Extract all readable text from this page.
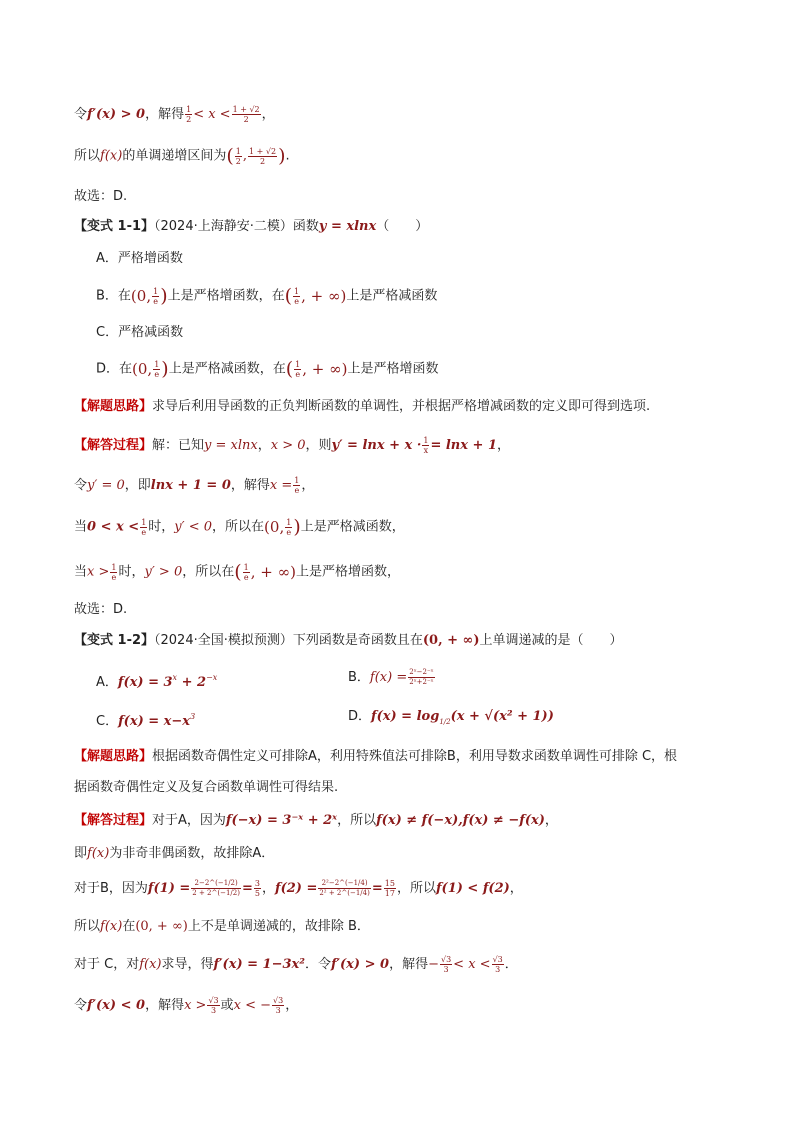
令f′(x) > 0，解得 $\frac{1}{2} < x < \frac{1 + √2}{2}$ ，
所以f(x)的单调递增区间为( $\frac{1}{2}$ , $\frac{1 + √2}{2}$ ).
故选：D.
【变式 1-1】（2024·上海静安·二模）函数y = xlnx（　　）
A．严格增函数
B．在(0, $\frac{1}{e}$ )上是严格增函数，在( $\frac{1}{e}$ , + ∞)上是严格减函数
C．严格减函数
D．在(0, $\frac{1}{e}$ )上是严格减函数，在( $\frac{1}{e}$ , + ∞)上是严格增函数
【解题思路】求导后利用导函数的正负判断函数的单调性，并根据严格增减函数的定义即可得到选项.
【解答过程】解：已知y = xlnx，x > 0，则$y' = \ln x + x \cdot \frac{1}{x} = \ln x + 1$，
令y′ = 0，即lnx + 1 = 0，解得$x = \frac{1}{e}$ ，
当$0 < x < \frac{1}{e}$ 时，y′ < 0，所以在(0, $\frac{1}{e}$ )上是严格减函数，
当$x > \frac{1}{e}$ 时，y′ > 0，所以在( $\frac{1}{e}$ , + ∞)上是严格增函数，
故选：D.
【变式 1-2】（2024·全国·模拟预测）下列函数是奇函数且在(0, + ∞)上单调递减的是（　　）
A．$f(x) = 3^x + 2^{-x}$	B．$f(x) = \frac{\text{2ˣ−2⁻ˣ}}{\text{2ˣ+2⁻ˣ}}$
C．$f(x) = x-x^3$	D．$f(x) = \log_{1/2}(x + √(x^2 + 1))$
【解题思路】根据函数奇偶性定义可排除A，利用特殊值法可排除B，利用导数求函数单调性可排除 C，根
据函数奇偶性定义及复合函数单调性可得结果.
【解答过程】对于A，因为f(−x) = 3⁻ˣ + 2ˣ，所以f(x) ≠ f(−x),f(x) ≠ −f(x)，
即f(x)为非奇非偶函数，故排除A．
对于B，因为$f(1) = \frac{2-2\^{}(-1/2)}{2 + 2\^{}(-1/2)} = \frac{3}{5}$ ，$f(2) = \frac{\text{2²−2\textasciicircum{}(−1/4)}}{\text{2² + 2\textasciicircum{}(−1/4)}} = \frac{15}{17}$ ，所以f(1) < f(2)，
所以f(x)在(0, + ∞)上不是单调递减的，故排除 B．
对于 C，对f(x)求导，得f′(x) = 1−3x²．令f′(x) > 0，解得− $\frac{√3}{3} < x < \frac{√3}{3}$ ．
令f′(x) < 0，解得$x > \frac{√3}{3}$ 或x < − $\frac{√3}{3}$ ，
